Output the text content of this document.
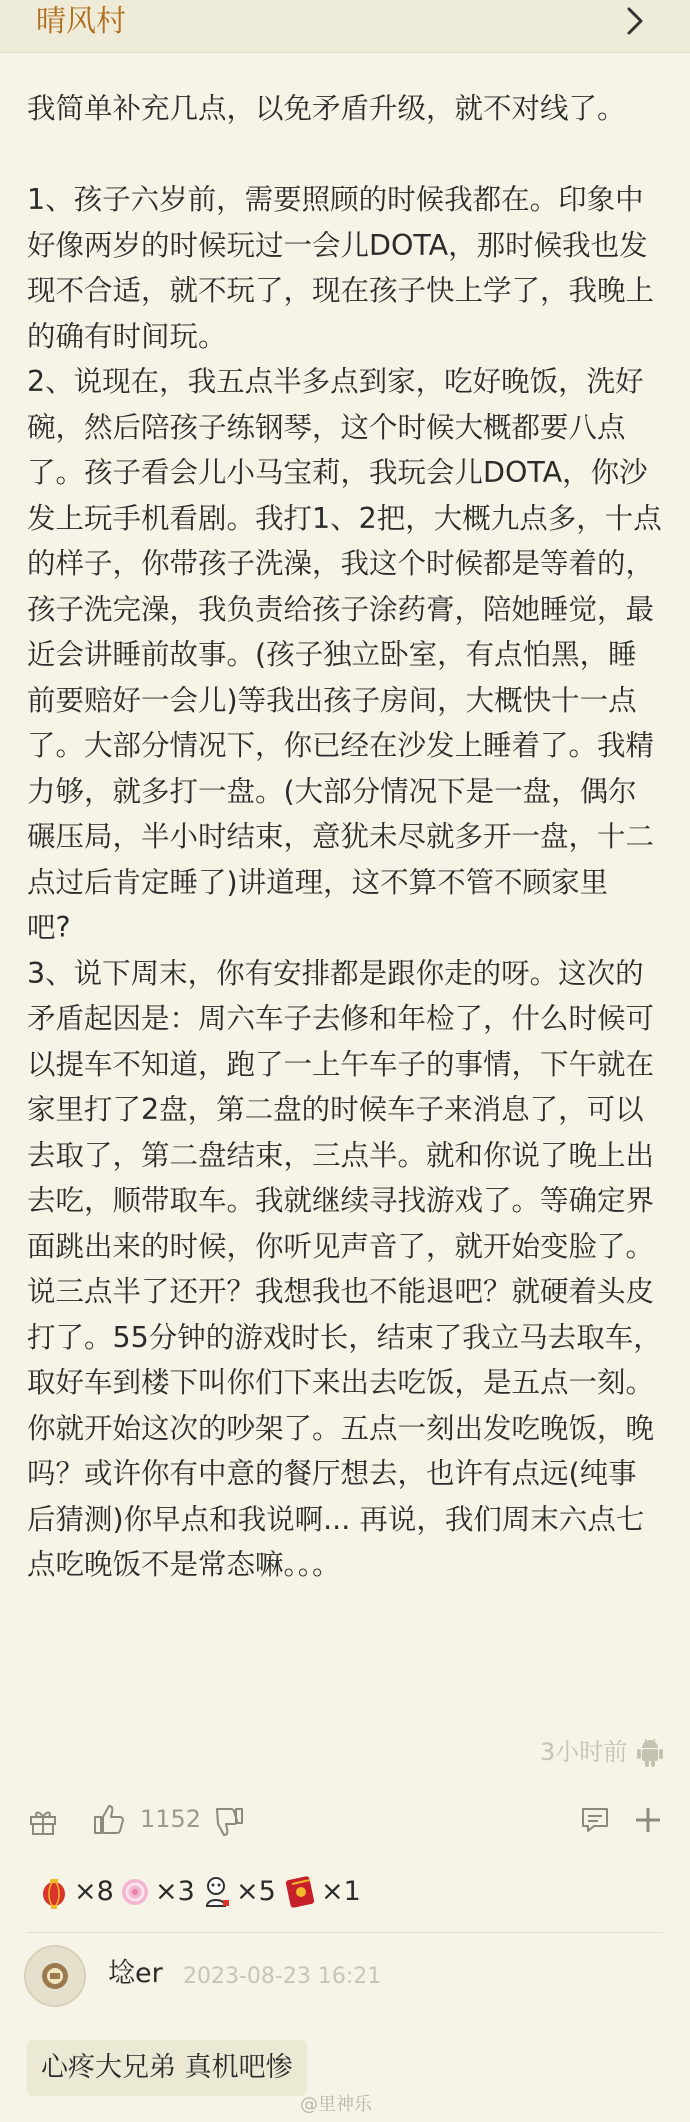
晴风村

我简单补充几点，以免矛盾升级，就不对线了。

1、孩子六岁前，需要照顾的时候我都在。印象中

好像两岁的时候玩过一会儿DOTA，那时候我也发

现不合适，就不玩了，现在孩子快上学了，我晚上

的确有时间玩。

2、说现在，我五点半多点到家，吃好晚饭，洗好

碗，然后陪孩子练钢琴，这个时候大概都要八点

了。孩子看会儿小马宝莉，我玩会儿DOTA，你沙

发上玩手机看剧。我打1、2把，大概九点多，十点

的样子，你带孩子洗澡，我这个时候都是等着的，

孩子洗完澡，我负责给孩子涂药膏，陪她睡觉，最

近会讲睡前故事。(孩子独立卧室，有点怕黑，睡

前要赔好一会儿)等我出孩子房间，大概快十一点

了。大部分情况下，你已经在沙发上睡着了。我精

力够，就多打一盘。(大部分情况下是一盘，偶尔

碾压局，半小时结束，意犹未尽就多开一盘，十二

点过后肯定睡了)讲道理，这不算不管不顾家里

吧?

3、说下周末，你有安排都是跟你走的呀。这次的

矛盾起因是：周六车子去修和年检了，什么时候可

以提车不知道，跑了一上午车子的事情，下午就在

家里打了2盘，第二盘的时候车子来消息了，可以

去取了，第二盘结束，三点半。就和你说了晚上出

去吃，顺带取车。我就继续寻找游戏了。等确定界

面跳出来的时候，你听见声音了，就开始变脸了。

说三点半了还开？我想我也不能退吧？就硬着头皮

打了。55分钟的游戏时长，结束了我立马去取车，

取好车到楼下叫你们下来出去吃饭，是五点一刻。

你就开始这次的吵架了。五点一刻出发吃晚饭，晚

吗？或许你有中意的餐厅想去，也许有点远(纯事

后猜测)你早点和我说啊... 再说，我们周末六点七

点吃晚饭不是常态嘛。。。

3小时前
1152
×8 ×3 ×5 ×1
埝er 2023-08-23 16:21
心疼大兄弟 真机吧惨
@里神乐
